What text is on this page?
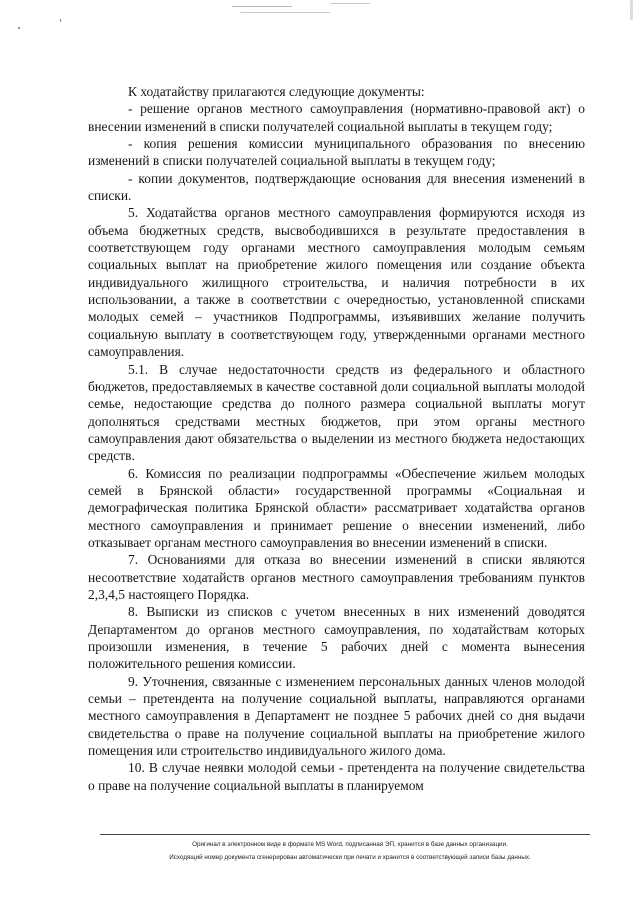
К ходатайству прилагаются следующие документы:

- решение органов местного самоуправления (нормативно-правовой акт) о внесении изменений в списки получателей социальной выплаты в текущем году;

- копия решения комиссии муниципального образования по внесению изменений в списки получателей социальной выплаты в текущем году;

- копии документов, подтверждающие основания для внесения изменений в списки.

5. Ходатайства органов местного самоуправления формируются исходя из объема бюджетных средств, высвободившихся в результате предоставления в соответствующем году органами местного самоуправления молодым семьям социальных выплат на приобретение жилого помещения или создание объекта индивидуального жилищного строительства, и наличия потребности в их использовании, а также в соответствии с очередностью, установленной списками молодых семей – участников Подпрограммы, изъявивших желание получить социальную выплату в соответствующем году, утвержденными органами местного самоуправления.

5.1. В случае недостаточности средств из федерального и областного бюджетов, предоставляемых в качестве составной доли социальной выплаты молодой семье, недостающие средства до полного размера социальной выплаты могут дополняться средствами местных бюджетов, при этом органы местного самоуправления дают обязательства о выделении из местного бюджета недостающих средств.

6. Комиссия по реализации подпрограммы «Обеспечение жильем молодых семей в Брянской области» государственной программы «Социальная и демографическая политика Брянской области» рассматривает ходатайства органов местного самоуправления и принимает решение о внесении изменений, либо отказывает органам местного самоуправления во внесении изменений в списки.

7. Основаниями для отказа во внесении изменений в списки являются несоответствие ходатайств органов местного самоуправления требованиям пунктов 2,3,4,5 настоящего Порядка.

8. Выписки из списков с учетом внесенных в них изменений доводятся Департаментом до органов местного самоуправления, по ходатайствам которых произошли изменения, в течение 5 рабочих дней с момента вынесения положительного решения комиссии.

9. Уточнения, связанные с изменением персональных данных членов молодой семьи – претендента на получение социальной выплаты, направляются органами местного самоуправления в Департамент не позднее 5 рабочих дней со дня выдачи свидетельства о праве на получение социальной выплаты на приобретение жилого помещения или строительство индивидуального жилого дома.

10. В случае неявки молодой семьи - претендента на получение свидетельства о праве на получение социальной выплаты в планируемом

Оригинал в электронном виде в формате MS Word, подписанная ЭП, хранится в базе данных организации.
Исходящий номер документа сгенерирован автоматически при печати и хранится в соответствующей записи базы данных.
